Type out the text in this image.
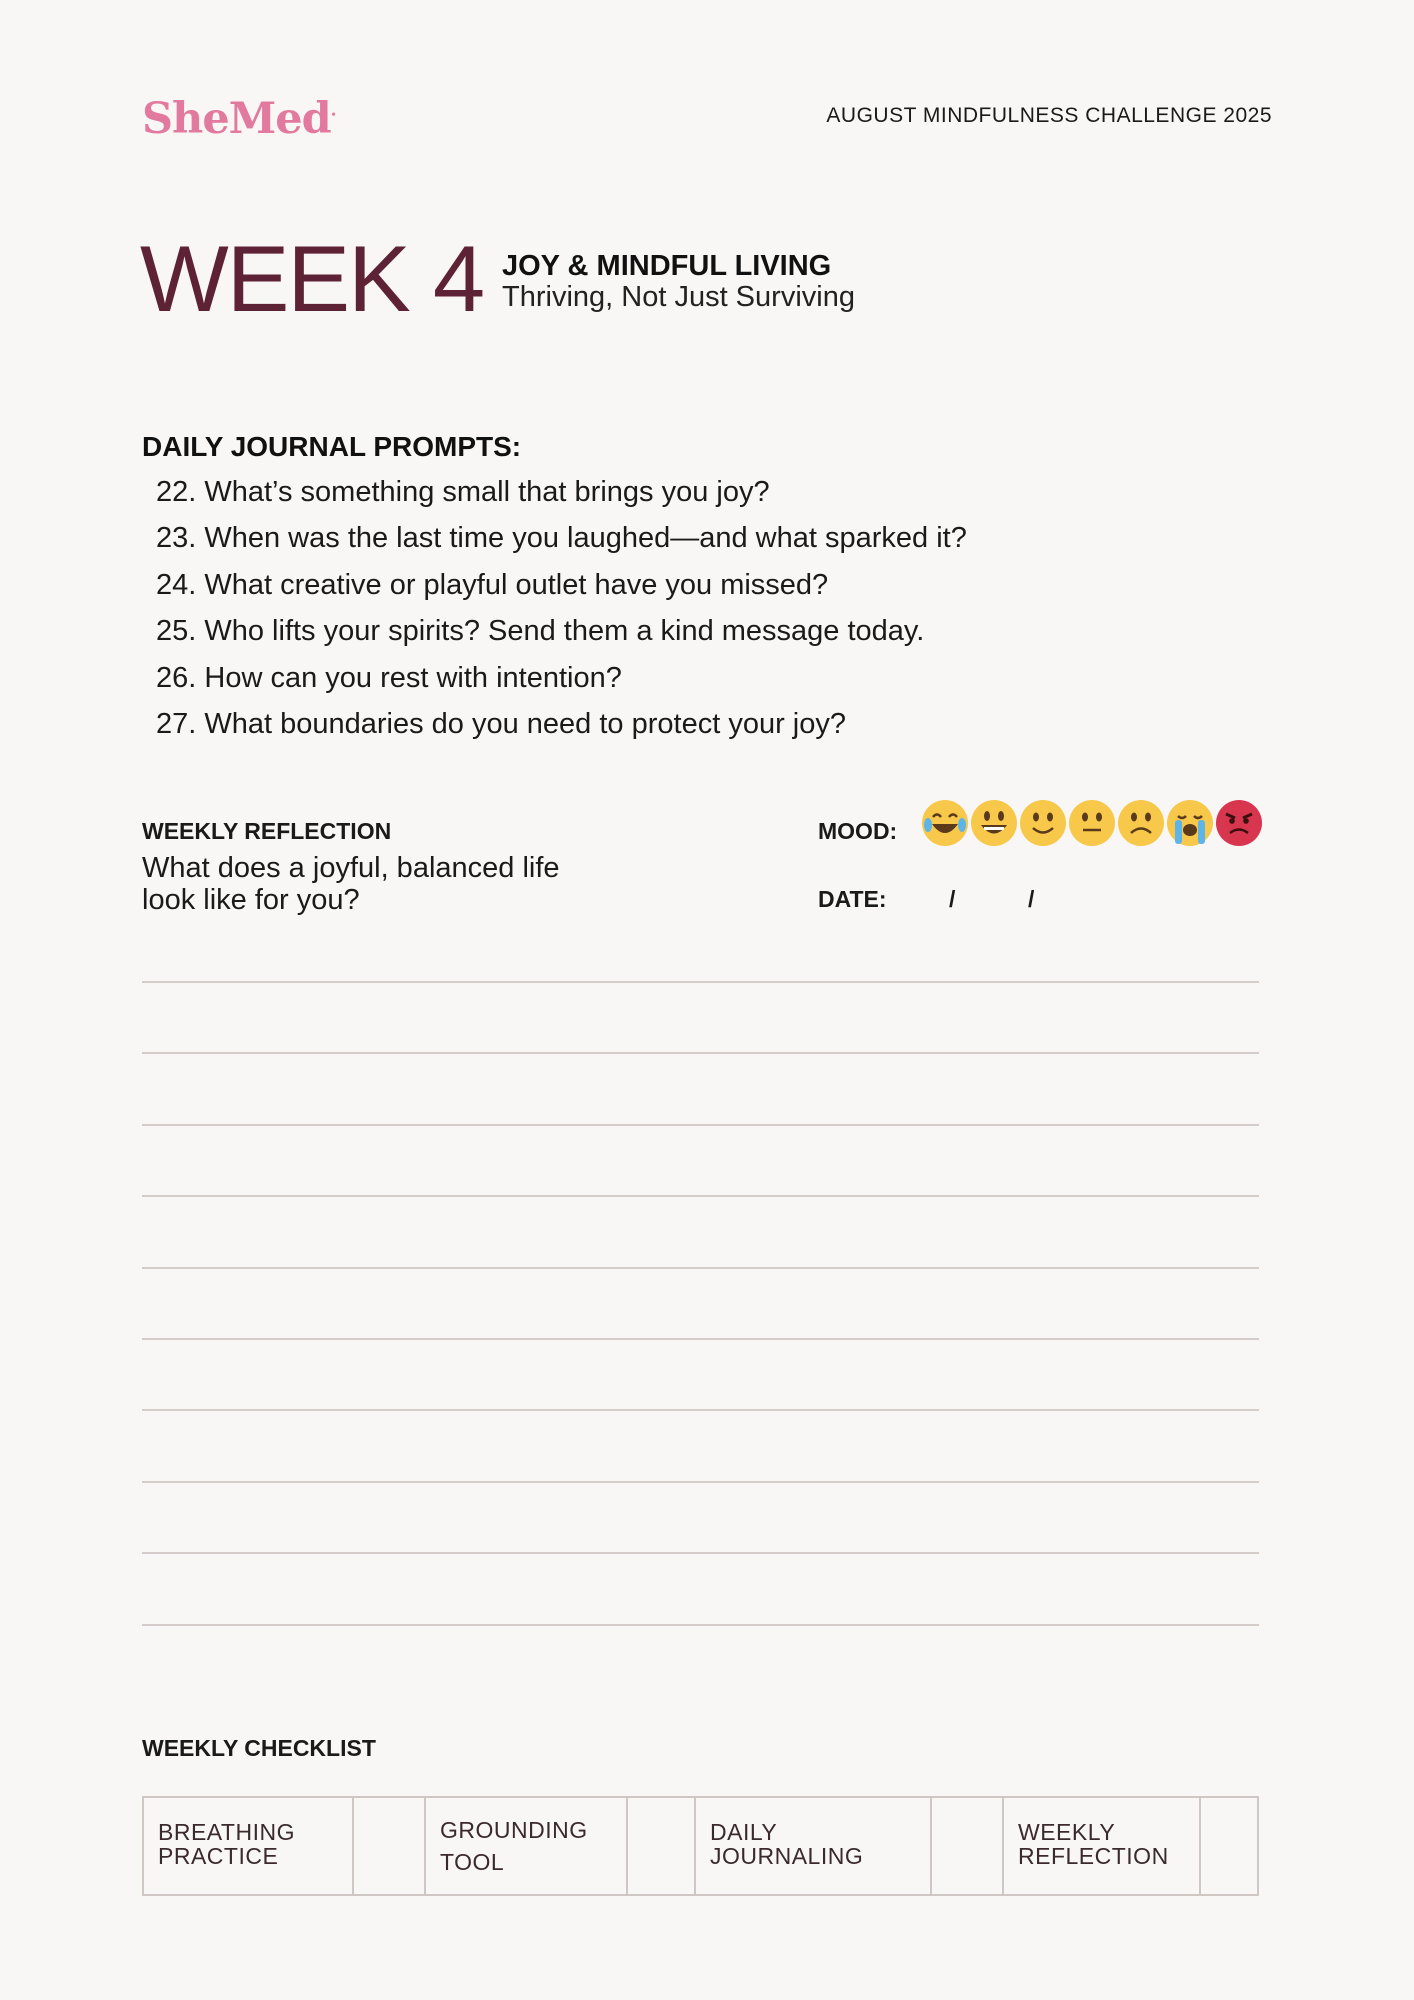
SheMed•	AUGUST MINDFULNESS CHALLENGE 2025
WEEK 4 JOY & MINDFUL LIVING
Thriving, Not Just Surviving
DAILY JOURNAL PROMPTS:
22. What’s something small that brings you joy?
23. When was the last time you laughed—and what sparked it?
24. What creative or playful outlet have you missed?
25. Who lifts your spirits? Send them a kind message today.
26. How can you rest with intention?
27. What boundaries do you need to protect your joy?
WEEKLY REFLECTION
What does a joyful, balanced life look like for you?
MOOD:
DATE:	/	/
WEEKLY CHECKLIST
BREATHING PRACTICE
GROUNDING TOOL
DAILY JOURNALING
WEEKLY REFLECTION
